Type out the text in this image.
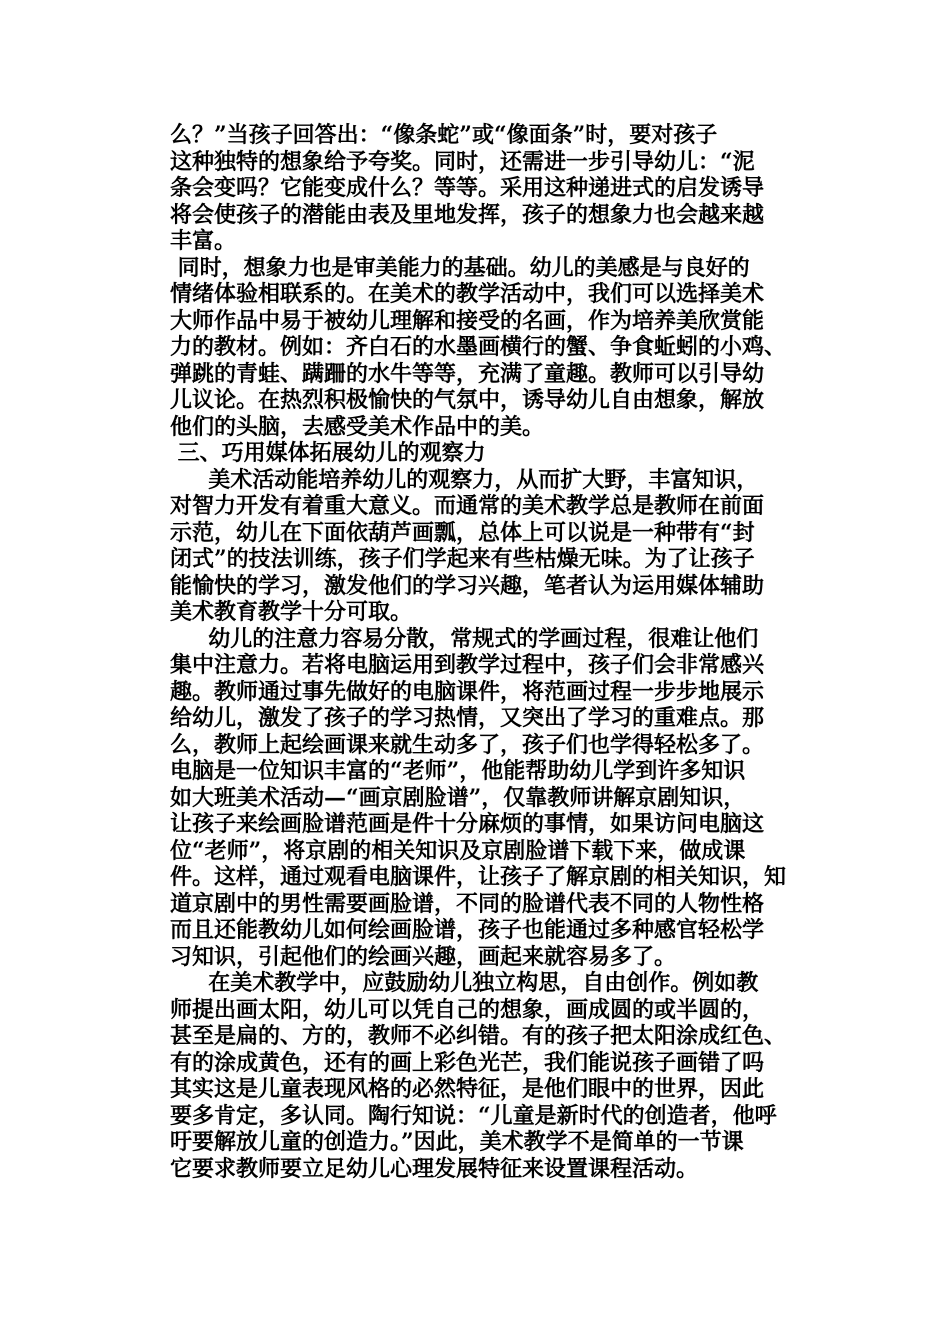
么？”当孩子回答出：“像条蛇”或“像面条”时，要对孩子
这种独特的想象给予夸奖。同时，还需进一步引导幼儿：“泥
条会变吗？它能变成什么？等等。采用这种递进式的启发诱导
将会使孩子的潜能由表及里地发挥，孩子的想象力也会越来越
丰富。
同时，想象力也是审美能力的基础。幼儿的美感是与良好的
情绪体验相联系的。在美术的教学活动中，我们可以选择美术
大师作品中易于被幼儿理解和接受的名画，作为培养美欣赏能
力的教材。例如：齐白石的水墨画横行的蟹、争食蚯蚓的小鸡、
弹跳的青蛙、蹒跚的水牛等等，充满了童趣。教师可以引导幼
儿议论。在热烈积极愉快的气氛中，诱导幼儿自由想象，解放
他们的头脑，去感受美术作品中的美。
三、巧用媒体拓展幼儿的观察力
美术活动能培养幼儿的观察力，从而扩大野，丰富知识，
对智力开发有着重大意义。而通常的美术教学总是教师在前面
示范，幼儿在下面依葫芦画瓢，总体上可以说是一种带有“封
闭式”的技法训练，孩子们学起来有些枯燥无味。为了让孩子
能愉快的学习，激发他们的学习兴趣，笔者认为运用媒体辅助
美术教育教学十分可取。
幼儿的注意力容易分散，常规式的学画过程，很难让他们
集中注意力。若将电脑运用到教学过程中，孩子们会非常感兴
趣。教师通过事先做好的电脑课件，将范画过程一步步地展示
给幼儿，激发了孩子的学习热情，又突出了学习的重难点。那
么，教师上起绘画课来就生动多了，孩子们也学得轻松多了。
电脑是一位知识丰富的“老师”，他能帮助幼儿学到许多知识
如大班美术活动—“画京剧脸谱”，仅靠教师讲解京剧知识，
让孩子来绘画脸谱范画是件十分麻烦的事情，如果访问电脑这
位“老师”，将京剧的相关知识及京剧脸谱下载下来，做成课
件。这样，通过观看电脑课件，让孩子了解京剧的相关知识，知
道京剧中的男性需要画脸谱，不同的脸谱代表不同的人物性格
而且还能教幼儿如何绘画脸谱，孩子也能通过多种感官轻松学
习知识，引起他们的绘画兴趣，画起来就容易多了。
在美术教学中，应鼓励幼儿独立构思，自由创作。例如教
师提出画太阳，幼儿可以凭自己的想象，画成圆的或半圆的，
甚至是扁的、方的，教师不必纠错。有的孩子把太阳涂成红色、
有的涂成黄色，还有的画上彩色光芒，我们能说孩子画错了吗
其实这是儿童表现风格的必然特征，是他们眼中的世界，因此
要多肯定，多认同。陶行知说：“儿童是新时代的创造者，他呼
吁要解放儿童的创造力。”因此，美术教学不是简单的一节课
它要求教师要立足幼儿心理发展特征来设置课程活动。
